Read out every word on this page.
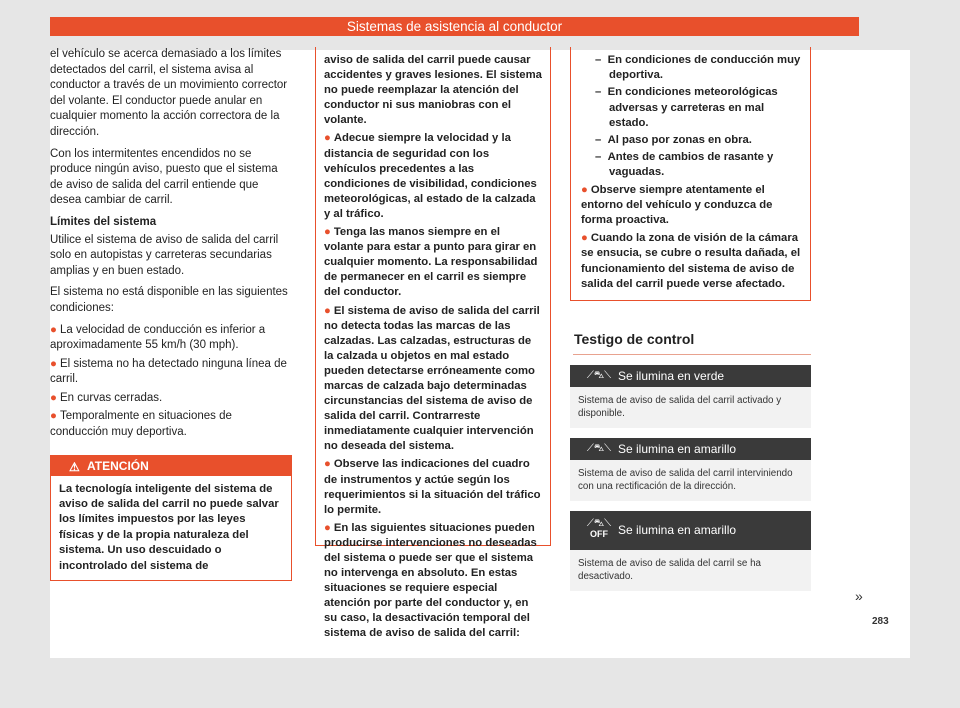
Sistemas de asistencia al conductor

el vehículo se acerca demasiado a los límites detectados del carril, el sistema avisa al conductor a través de un movimiento corrector del volante. El conductor puede anular en cualquier momento la acción correctora de la dirección.

Con los intermitentes encendidos no se produce ningún aviso, puesto que el sistema de aviso de salida del carril entiende que desea cambiar de carril.

Límites del sistema

Utilice el sistema de aviso de salida del carril solo en autopistas y carreteras secundarias amplias y en buen estado.

El sistema no está disponible en las siguientes condiciones:

● La velocidad de conducción es inferior a aproximadamente 55 km/h (30 mph).

● El sistema no ha detectado ninguna línea de carril.

● En curvas cerradas.

● Temporalmente en situaciones de conducción muy deportiva.

⚠ ATENCIÓN
La tecnología inteligente del sistema de aviso de salida del carril no puede salvar los límites impuestos por las leyes físicas y de la propia naturaleza del sistema. Un uso descuidado o incontrolado del sistema de

aviso de salida del carril puede causar accidentes y graves lesiones. El sistema no puede reemplazar la atención del conductor ni sus maniobras con el volante.

● Adecue siempre la velocidad y la distancia de seguridad con los vehículos precedentes a las condiciones de visibilidad, condiciones meteorológicas, al estado de la calzada y al tráfico.

● Tenga las manos siempre en el volante para estar a punto para girar en cualquier momento. La responsabilidad de permanecer en el carril es siempre del conductor.

● El sistema de aviso de salida del carril no detecta todas las marcas de las calzadas. Las calzadas, estructuras de la calzada u objetos en mal estado pueden detectarse erróneamente como marcas de calzada bajo determinadas circunstancias del sistema de aviso de salida del carril. Contrarreste inmediatamente cualquier intervención no deseada del sistema.

● Observe las indicaciones del cuadro de instrumentos y actúe según los requerimientos si la situación del tráfico lo permite.

● En las siguientes situaciones pueden producirse intervenciones no deseadas del sistema o puede ser que el sistema no intervenga en absoluto. En estas situaciones se requiere especial atención por parte del conductor y, en su caso, la desactivación temporal del sistema de aviso de salida del carril:

–  En condiciones de conducción muy deportiva.

–  En condiciones meteorológicas adversas y carreteras en mal estado.

–  Al paso por zonas en obra.

–  Antes de cambios de rasante y vaguadas.

● Observe siempre atentamente el entorno del vehículo y conduzca de forma proactiva.

● Cuando la zona de visión de la cámara se ensucia, se cubre o resulta dañada, el funcionamiento del sistema de aviso de salida del carril puede verse afectado.

Testigo de control
⟋⛍⟍ Se ilumina en verde
Sistema de aviso de salida del carril activado y disponible.
⟋⛍⟍ Se ilumina en amarillo
Sistema de aviso de salida del carril interviniendo con una rectificación de la dirección.
⟋⛍⟍
OFF Se ilumina en amarillo
Sistema de aviso de salida del carril se ha desactivado.
»
283
